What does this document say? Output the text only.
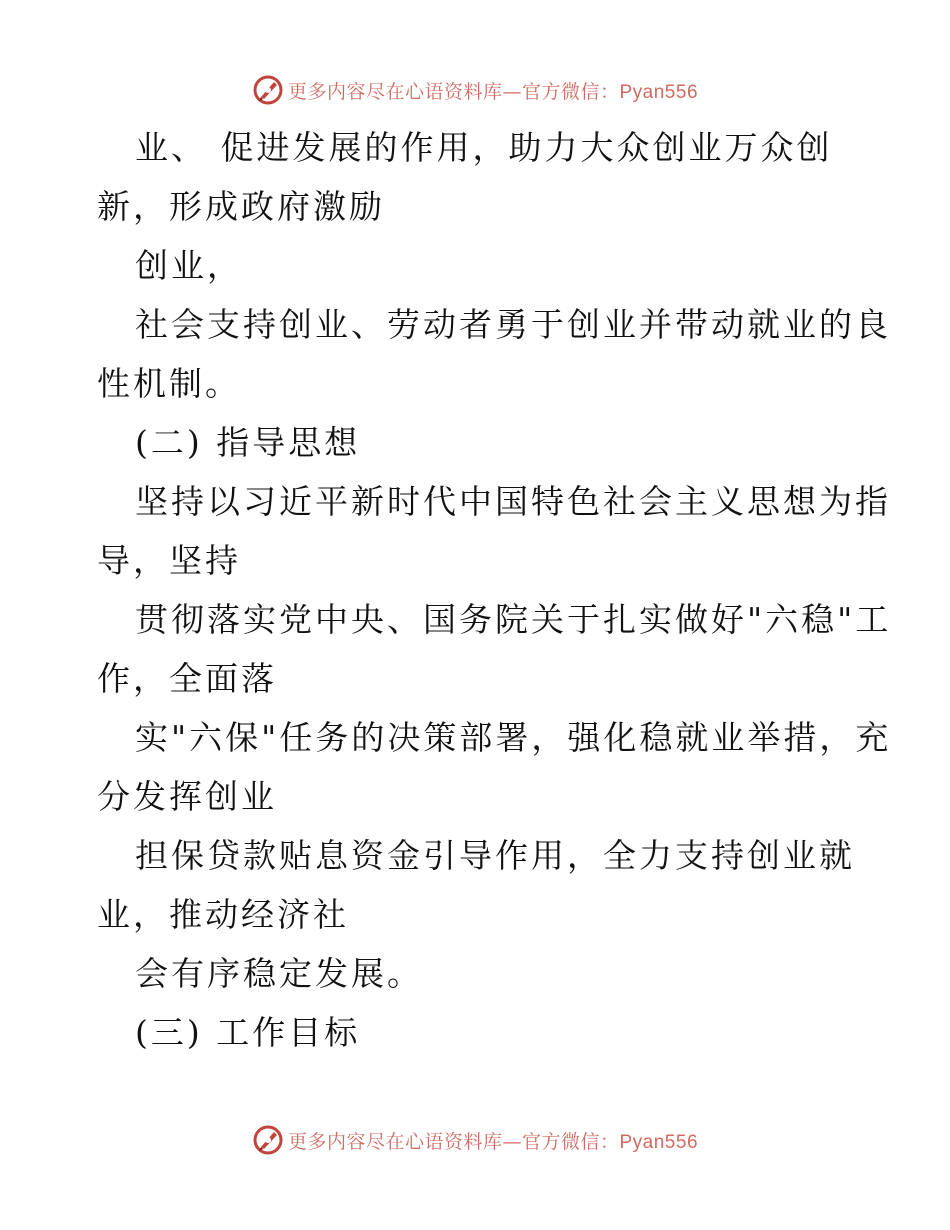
更多内容尽在心语资料库—官方微信：Pyan556
业、 促进发展的作用，助力大众创业万众创
新，形成政府激励
创业，
社会支持创业、劳动者勇于创业并带动就业的良
性机制。
(二) 指导思想
坚持以习近平新时代中国特色社会主义思想为指
导，坚持
贯彻落实党中央、国务院关于扎实做好"六稳"工
作，全面落
实"六保"任务的决策部署，强化稳就业举措，充
分发挥创业
担保贷款贴息资金引导作用，全力支持创业就
业，推动经济社
会有序稳定发展。
(三) 工作目标
更多内容尽在心语资料库—官方微信：Pyan556
